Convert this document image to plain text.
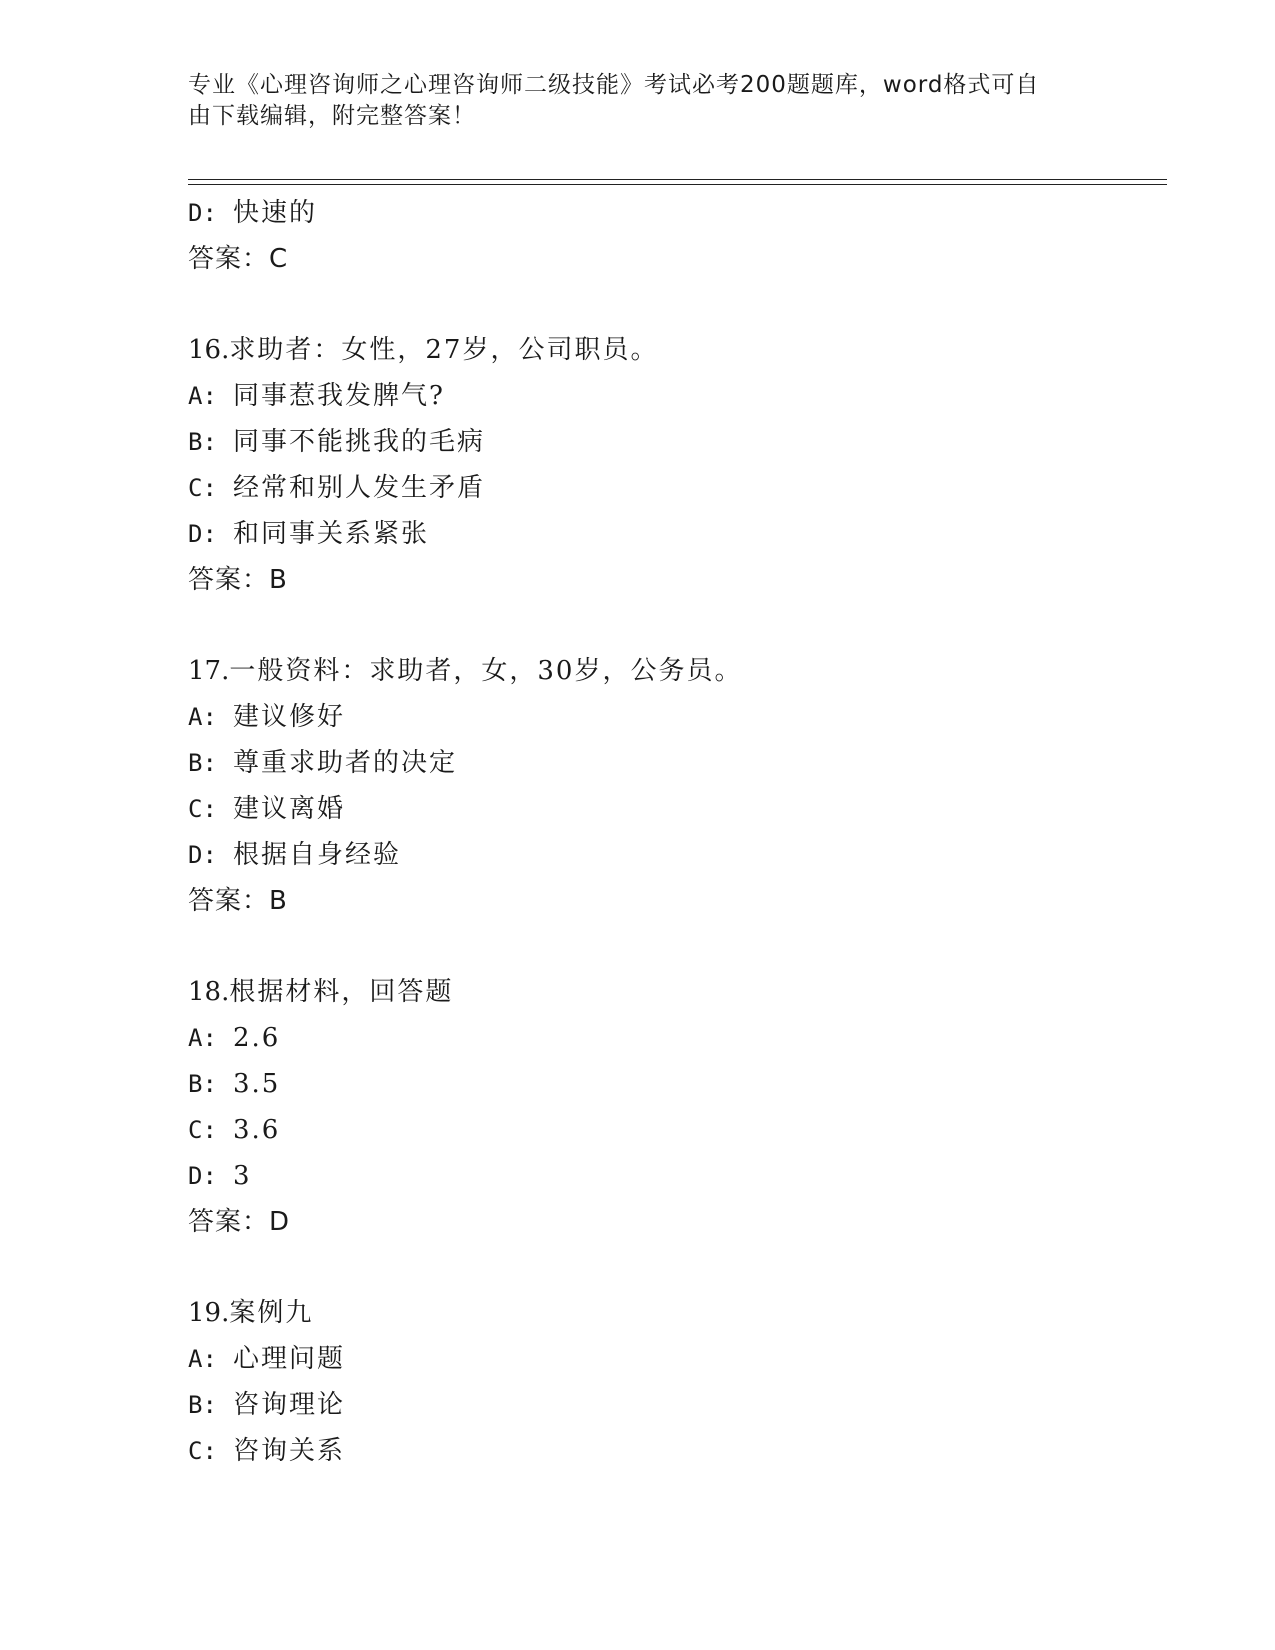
专业《心理咨询师之心理咨询师二级技能》考试必考200题题库，word格式可自
由下载编辑，附完整答案！
D: 快速的
答案：C
16.求助者：女性，27岁，公司职员。
A: 同事惹我发脾气?
B: 同事不能挑我的毛病
C: 经常和别人发生矛盾
D: 和同事关系紧张
答案：B
17.一般资料：求助者，女，30岁，公务员。
A: 建议修好
B: 尊重求助者的决定
C: 建议离婚
D: 根据自身经验
答案：B
18.根据材料，回答题
A: 2.6
B: 3.5
C: 3.6
D: 3
答案：D
19.案例九
A: 心理问题
B: 咨询理论
C: 咨询关系
